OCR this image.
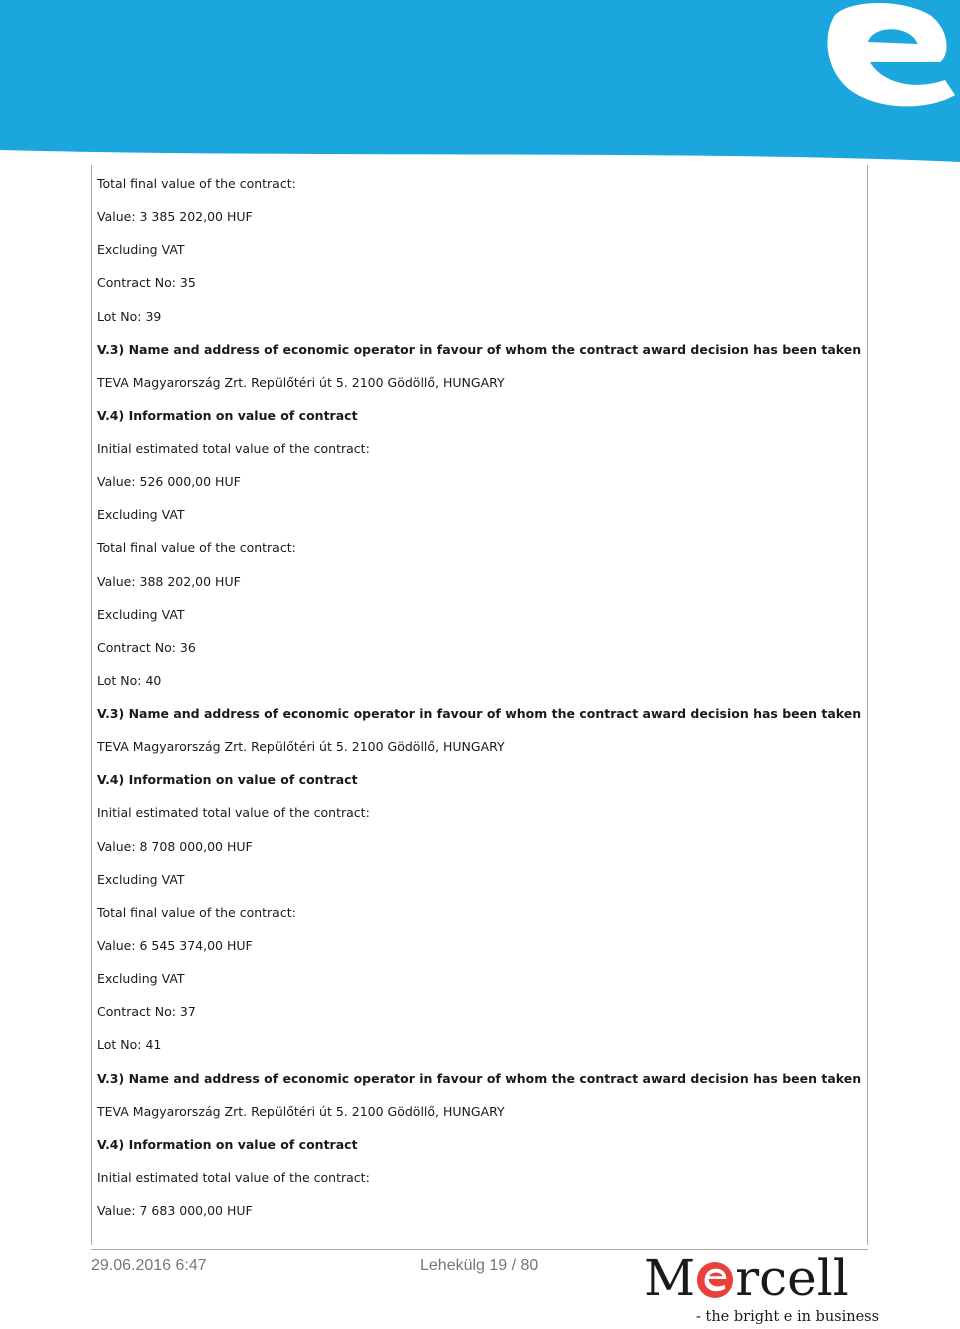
Total final value of the contract:
Value: 3 385 202,00 HUF
Excluding VAT
Contract No: 35
Lot No: 39
V.3) Name and address of economic operator in favour of whom the contract award decision has been taken
TEVA Magyarország Zrt. Repülőtéri út 5. 2100 Gödöllő, HUNGARY
V.4) Information on value of contract
Initial estimated total value of the contract:
Value: 526 000,00 HUF
Excluding VAT
Total final value of the contract:
Value: 388 202,00 HUF
Excluding VAT
Contract No: 36
Lot No: 40
V.3) Name and address of economic operator in favour of whom the contract award decision has been taken
TEVA Magyarország Zrt. Repülőtéri út 5. 2100 Gödöllő, HUNGARY
V.4) Information on value of contract
Initial estimated total value of the contract:
Value: 8 708 000,00 HUF
Excluding VAT
Total final value of the contract:
Value: 6 545 374,00 HUF
Excluding VAT
Contract No: 37
Lot No: 41
V.3) Name and address of economic operator in favour of whom the contract award decision has been taken
TEVA Magyarország Zrt. Repülőtéri út 5. 2100 Gödöllő, HUNGARY
V.4) Information on value of contract
Initial estimated total value of the contract:
Value: 7 683 000,00 HUF
29.06.2016 6:47	Lehekülg 19 / 80 M rcell
- the bright e in business
